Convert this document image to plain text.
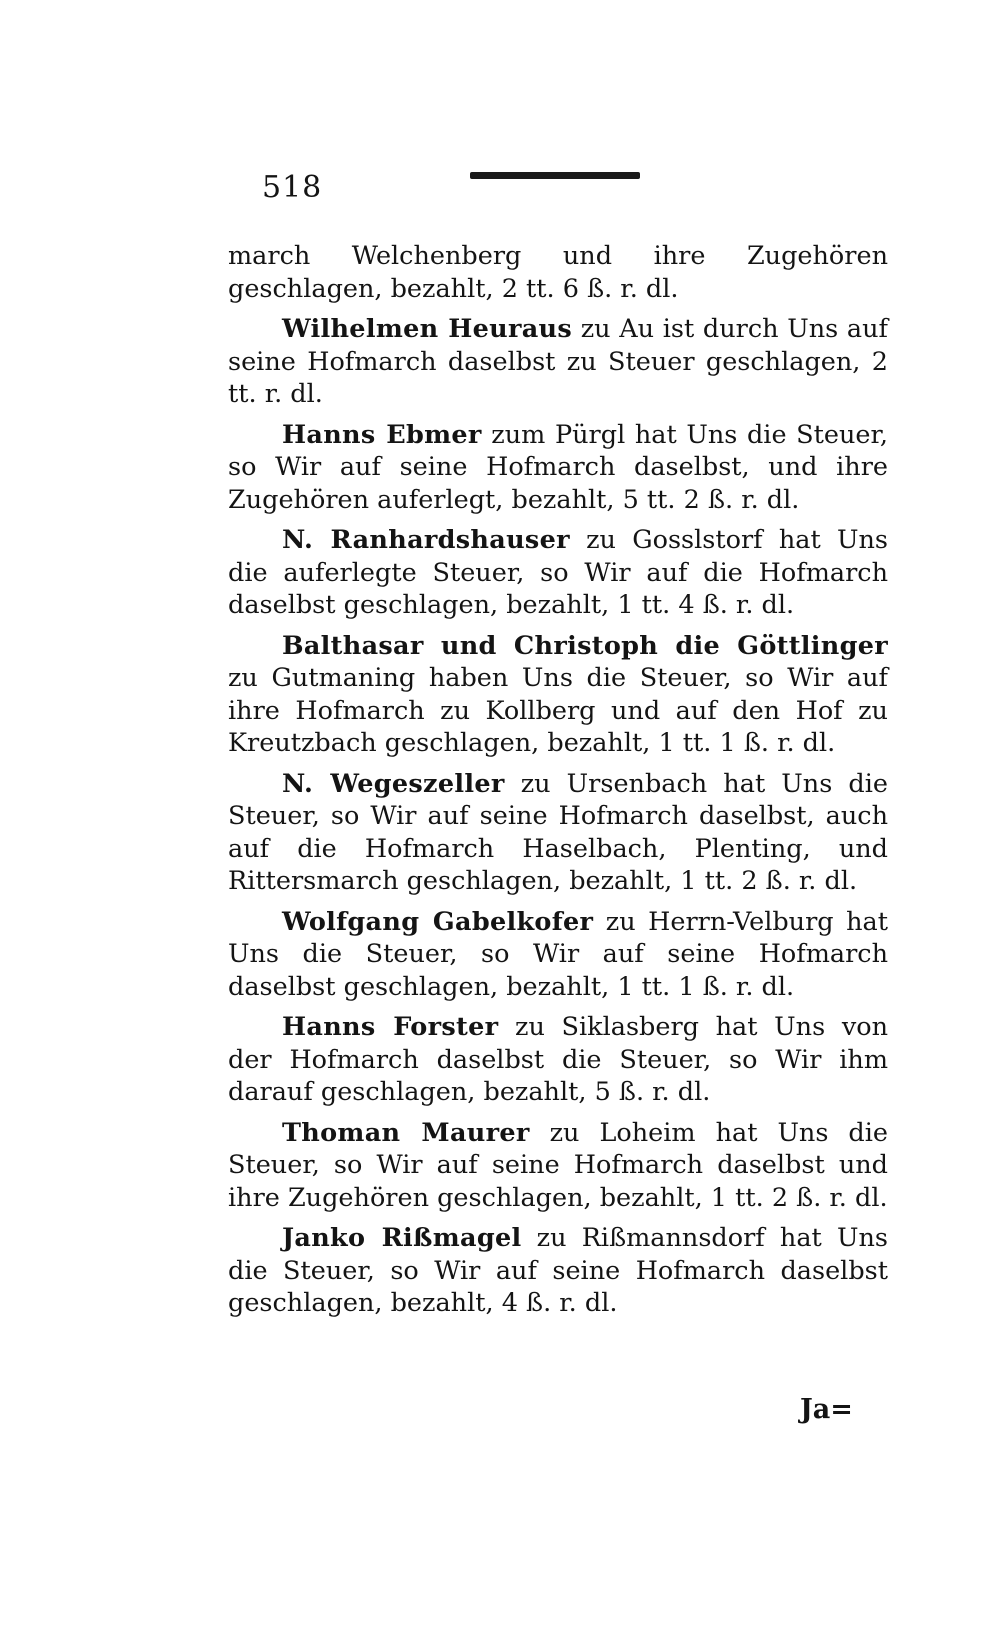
518

march Welchenberg und ihre Zugehören geschlagen, bezahlt, 2 tt. 6 ß. r. dl.

Wilhelmen Heuraus zu Au ist durch Uns auf seine Hofmarch daselbst zu Steuer geschlagen, 2 tt. r. dl.

Hanns Ebmer zum Pürgl hat Uns die Steuer, so Wir auf seine Hofmarch daselbst, und ihre Zugehören auferlegt, bezahlt, 5 tt. 2 ß. r. dl.

N. Ranhardshauser zu Gosslstorf hat Uns die auferlegte Steuer, so Wir auf die Hofmarch daselbst geschlagen, bezahlt, 1 tt. 4 ß. r. dl.

Balthasar und Christoph die Göttlinger zu Gutmaning haben Uns die Steuer, so Wir auf ihre Hofmarch zu Kollberg und auf den Hof zu Kreutzbach geschlagen, bezahlt, 1 tt. 1 ß. r. dl.

N. Wegeszeller zu Ursenbach hat Uns die Steuer, so Wir auf seine Hofmarch daselbst, auch auf die Hofmarch Haselbach, Plenting, und Rittersmarch geschlagen, bezahlt, 1 tt. 2 ß. r. dl.

Wolfgang Gabelkofer zu Herrn-Velburg hat Uns die Steuer, so Wir auf seine Hofmarch daselbst geschlagen, bezahlt, 1 tt. 1 ß. r. dl.

Hanns Forster zu Siklasberg hat Uns von der Hofmarch daselbst die Steuer, so Wir ihm darauf geschlagen, bezahlt, 5 ß. r. dl.

Thoman Maurer zu Loheim hat Uns die Steuer, so Wir auf seine Hofmarch daselbst und ihre Zugehören geschlagen, bezahlt, 1 tt. 2 ß. r. dl.

Janko Rißmagel zu Rißmannsdorf hat Uns die Steuer, so Wir auf seine Hofmarch daselbst geschlagen, bezahlt, 4 ß. r. dl.

Ja=
